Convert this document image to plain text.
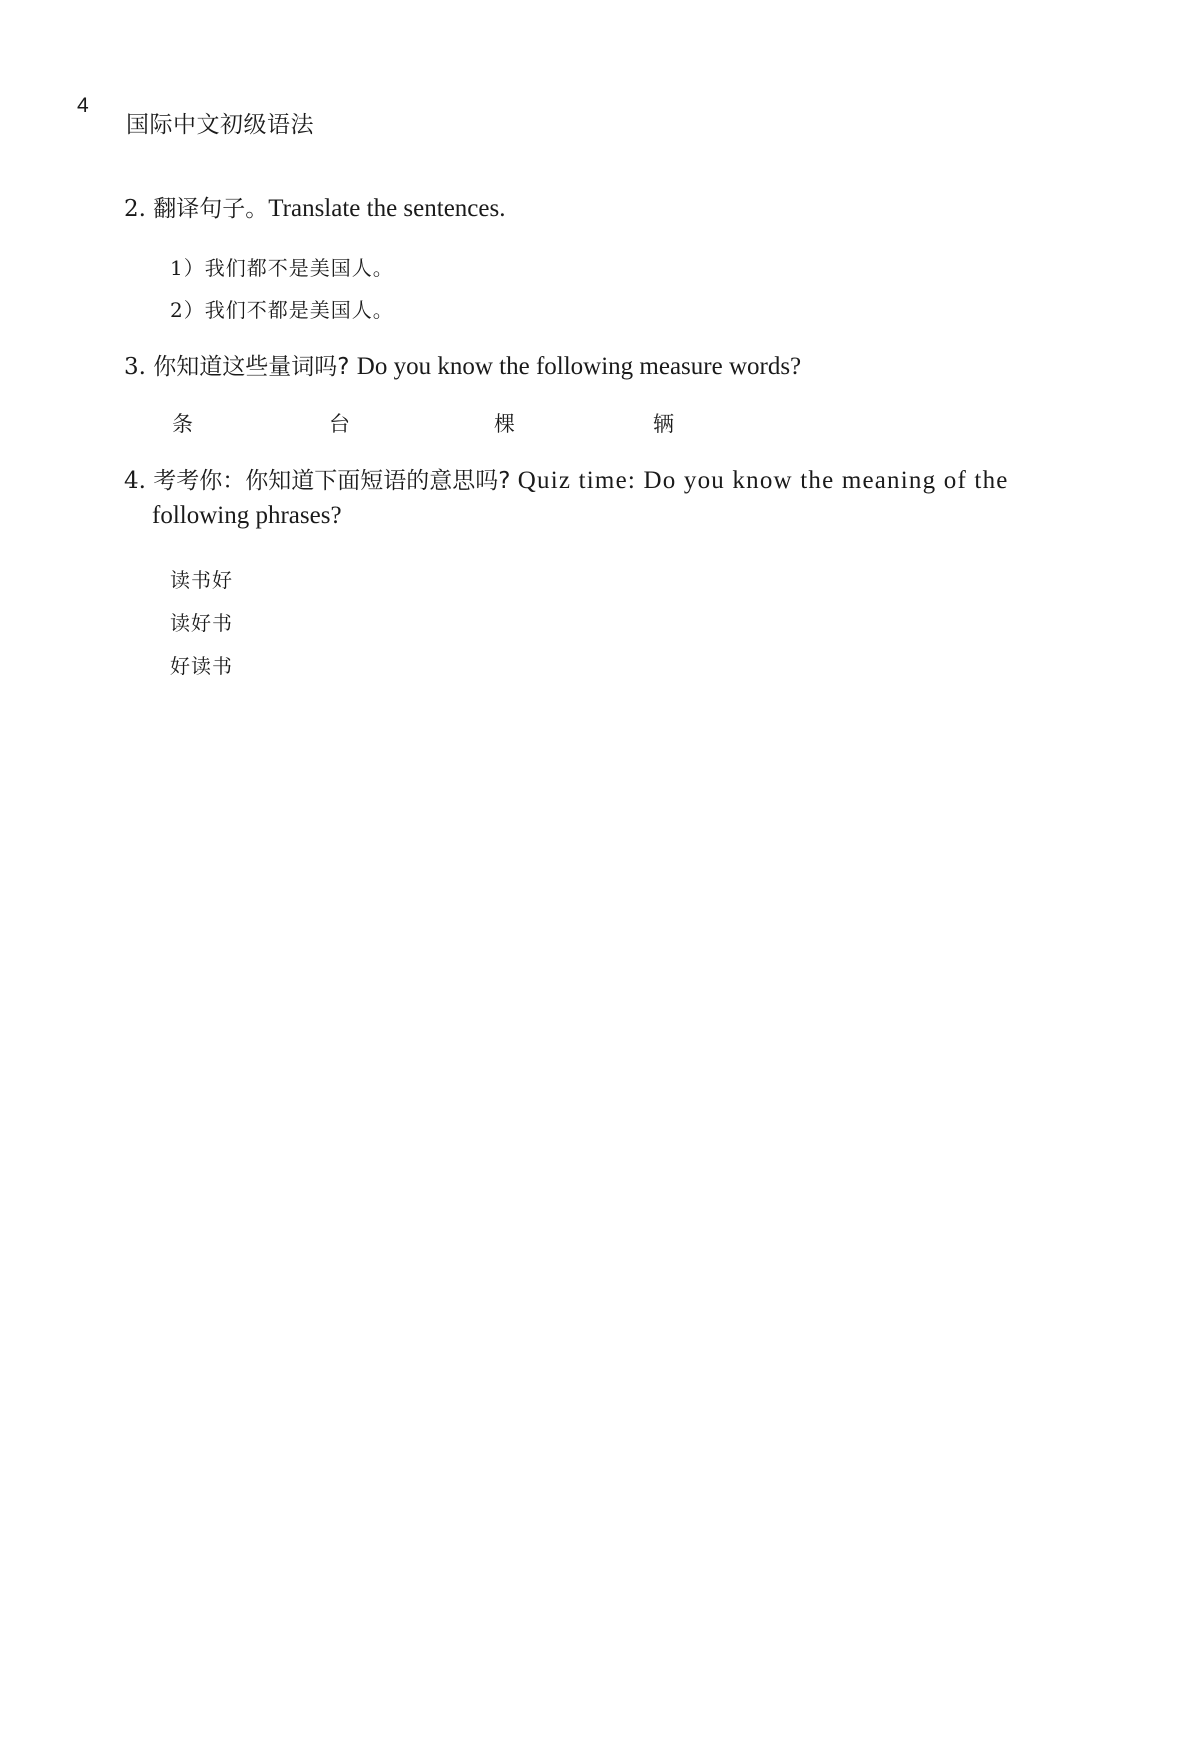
4
国际中文初级语法
2. 翻译句子。Translate the sentences.
1）我们都不是美国人。
2）我们不都是美国人。
3. 你知道这些量词吗? Do you know the following measure words?
条	台	棵	辆
4. 考考你：你知道下面短语的意思吗? Quiz time: Do you know the meaning of the
following phrases?
读书好
读好书
好读书
